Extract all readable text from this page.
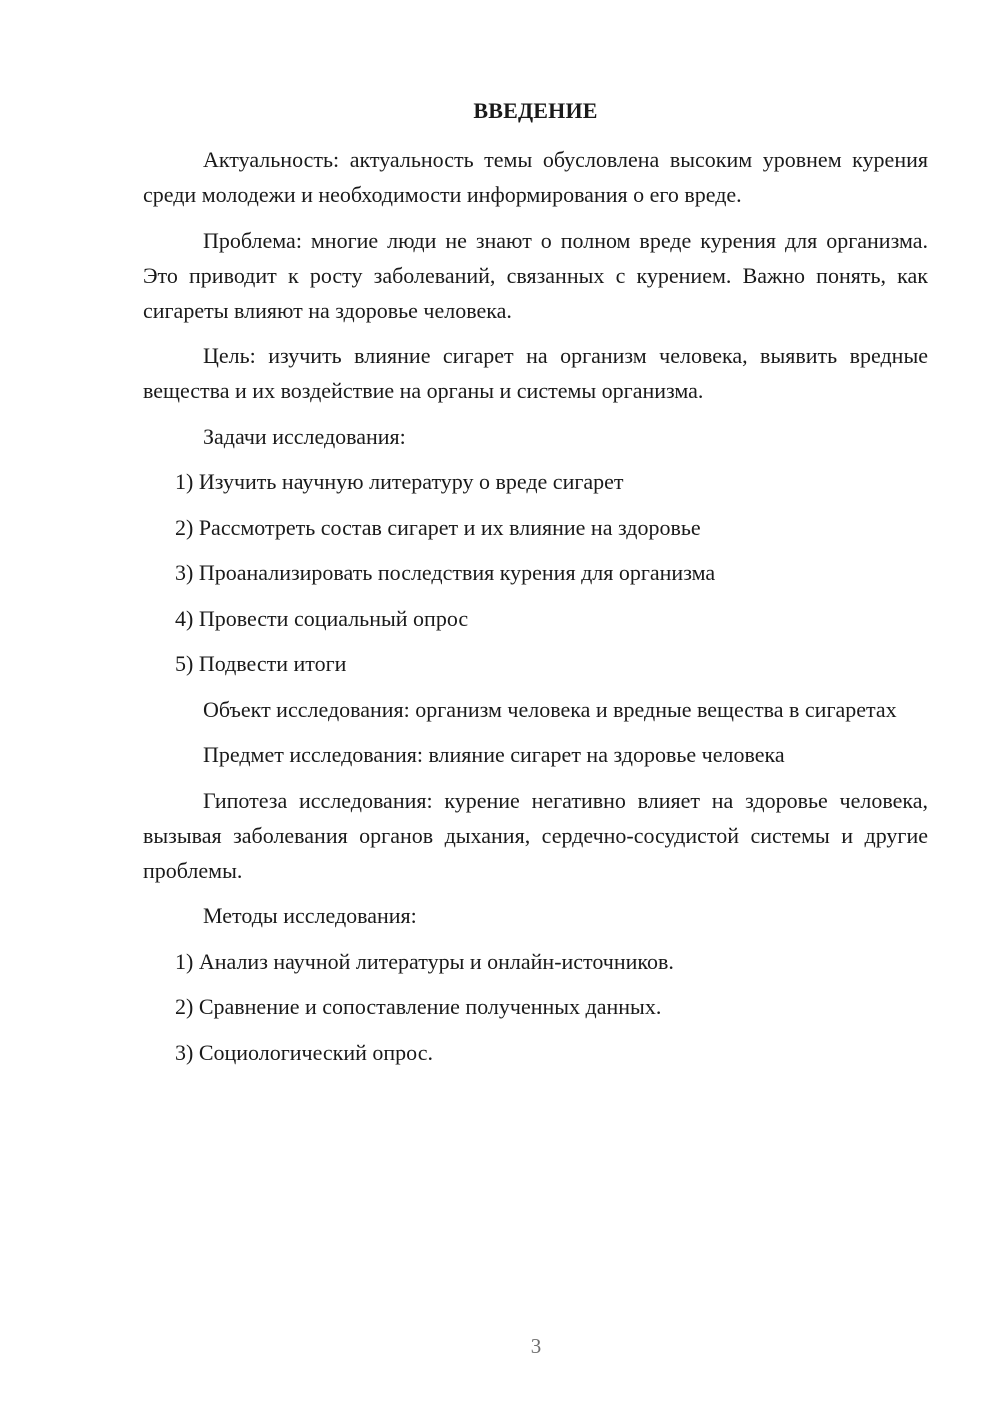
ВВЕДЕНИЕ

Актуальность: актуальность темы обусловлена высоким уровнем курения среди молодежи и необходимости информирования о его вреде.

Проблема: многие люди не знают о полном вреде курения для организма. Это приводит к росту заболеваний, связанных с курением. Важно понять, как сигареты влияют на здоровье человека.

Цель: изучить влияние сигарет на организм человека, выявить вредные вещества и их воздействие на органы и системы организма.

Задачи исследования:

1) Изучить научную литературу о вреде сигарет

2) Рассмотреть состав сигарет и их влияние на здоровье

3) Проанализировать последствия курения для организма

4) Провести социальный опрос

5) Подвести итоги

Объект исследования: организм человека и вредные вещества в сигаретах

Предмет исследования: влияние сигарет на здоровье человека

Гипотеза исследования: курение негативно влияет на здоровье человека, вызывая заболевания органов дыхания, сердечно-сосудистой системы и другие проблемы.

Методы исследования:

1) Анализ научной литературы и онлайн-источников.

2) Сравнение и сопоставление полученных данных.

3) Социологический опрос.

3
